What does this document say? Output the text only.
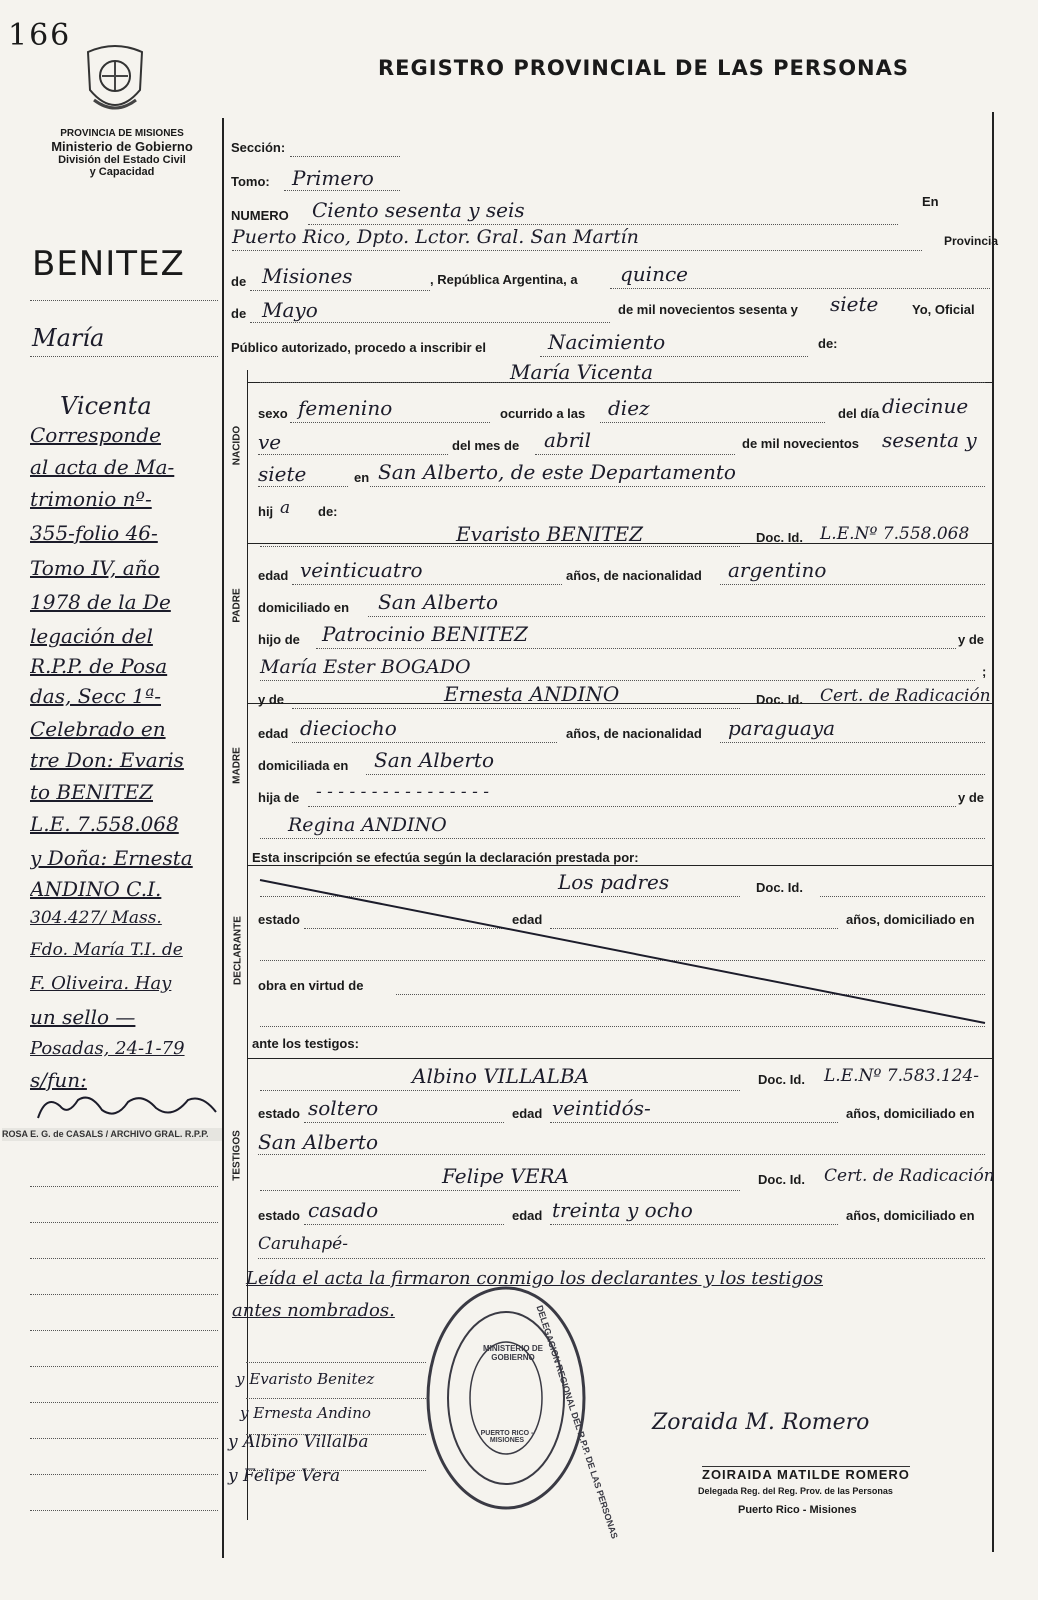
166
REGISTRO PROVINCIAL DE LAS PERSONAS
PROVINCIA DE MISIONES
Ministerio de Gobierno
División del Estado Civil
y Capacidad
NACIDO
PADRE
MADRE
DECLARANTE
TESTIGOS
BENITEZ
María
Vicenta
Corresponde
al acta de Ma-
trimonio nº-
355-folio 46-
Tomo IV, año
1978 de la De
legación del
R.P.P. de Posa
das, Secc 1ª-
Celebrado en
tre Don: Evaris
to BENITEZ
L.E. 7.558.068
y Doña: Ernesta
ANDINO C.I.
304.427/ Mass.
Fdo. María T.I. de
F. Oliveira. Hay
un sello —
Posadas, 24-1-79
s/fun:
ROSA E. G. de CASALS / ARCHIVO GRAL. R.P.P.
Sección:
Tomo: Primero
NUMERO Ciento sesenta y seis	En
Puerto Rico, Dpto. Lctor. Gral. San Martín	Provincia
de Misiones	, República Argentina, a quince
de Mayo	de mil novecientos sesenta y siete	Yo, Oficial
Público autorizado, procedo a inscribir el	Nacimiento	de:
María Vicenta
sexo femenino	ocurrido a las diez	del día diecinue
ve	del mes de abril	de mil novecientos sesenta y
siete	en San Alberto, de este Departamento
hij a de:
Evaristo BENITEZ	Doc. Id. L.E.Nº 7.558.068
edad veinticuatro	años, de nacionalidad argentino
domiciliado en San Alberto
hijo de Patrocinio BENITEZ	y de
María Ester BOGADO	;
y de	Ernesta ANDINO	Doc. Id. Cert. de Radicación
edad dieciocho	años, de nacionalidad paraguaya
domiciliada en San Alberto
hija de - - - - - - - - - - - - - - - -	y de
Regina ANDINO
Esta inscripción se efectúa según la declaración prestada por:
Los padres	Doc. Id.
estado	edad	años, domiciliado en
obra en virtud de
ante los testigos:
Albino VILLALBA	Doc. Id. L.E.Nº 7.583.124-
estado soltero	edad veintidós-	años, domiciliado en
San Alberto
Felipe VERA	Doc. Id. Cert. de Radicación
estado casado	edad treinta y ocho	años, domiciliado en
Caruhapé-
Leída el acta la firmaron conmigo los declarantes y los testigos
antes nombrados.	DELEGACION REGIONAL DEL R.P.P. DE LAS PERSONAS
MINISTERIO DE GOBIERNO
PUERTO RICO - MISIONES
y Evaristo Benitez
y Ernesta Andino
y Albino Villalba
y Felipe Vera
Zoraida M. Romero
ZOIRAIDA MATILDE ROMERO
Delegada Reg. del Reg. Prov. de las Personas
Puerto Rico - Misiones
